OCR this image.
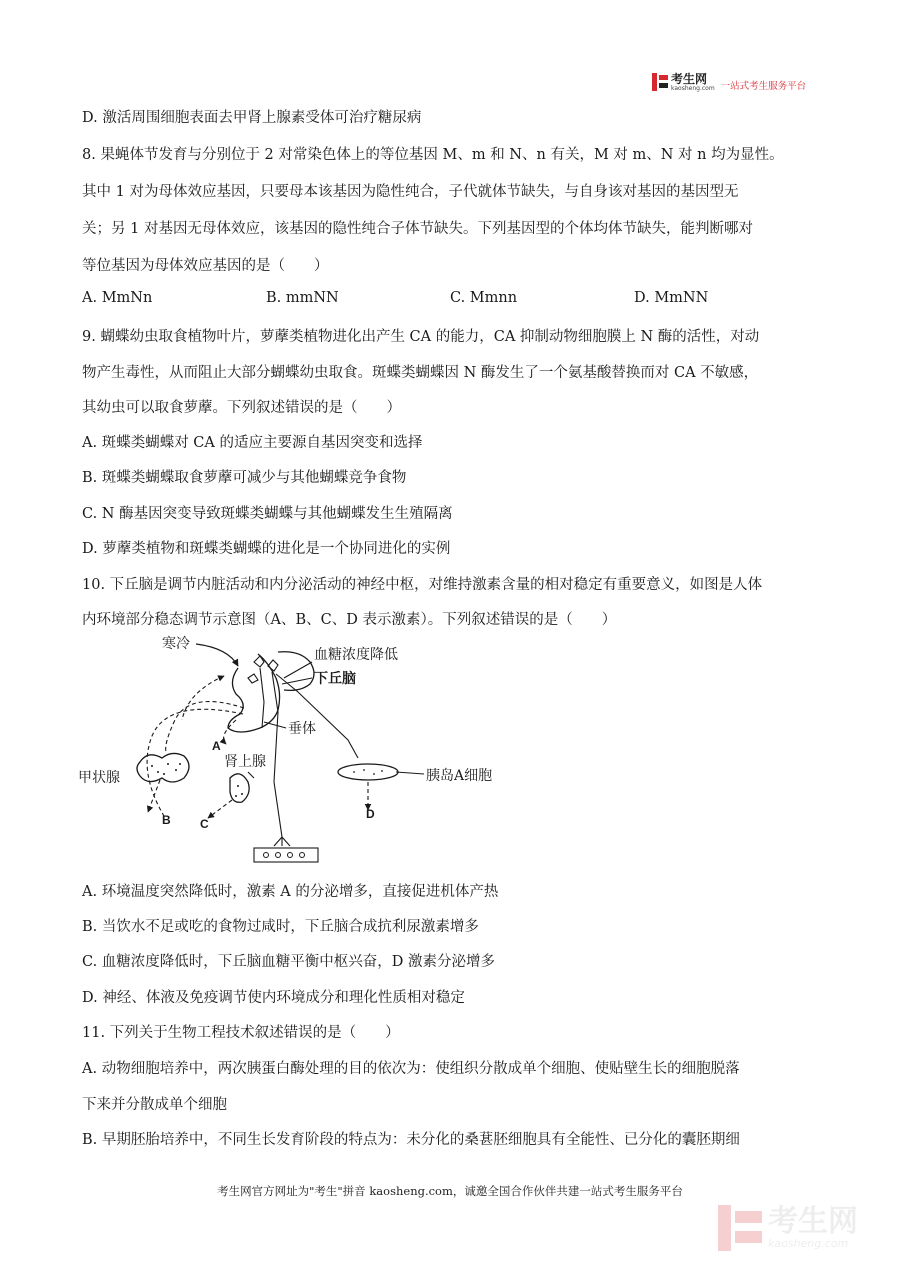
考生网
kaosheng.com 一站式考生服务平台
D. 激活周围细胞表面去甲肾上腺素受体可治疗糖尿病
8. 果蝇体节发育与分别位于 2 对常染色体上的等位基因 M、m 和 N、n 有关，M 对 m、N 对 n 均为显性。
其中 1 对为母体效应基因，只要母本该基因为隐性纯合，子代就体节缺失，与自身该对基因的基因型无
关；另 1 对基因无母体效应，该基因的隐性纯合子体节缺失。下列基因型的个体均体节缺失，能判断哪对
等位基因为母体效应基因的是（　　）
A. MmNn	B. mmNN	C. Mmnn	D. MmNN
9. 蝴蝶幼虫取食植物叶片，萝藦类植物进化出产生 CA 的能力，CA 抑制动物细胞膜上 N 酶的活性，对动
物产生毒性，从而阻止大部分蝴蝶幼虫取食。斑蝶类蝴蝶因 N 酶发生了一个氨基酸替换而对 CA 不敏感，
其幼虫可以取食萝藦。下列叙述错误的是（　　）
A. 斑蝶类蝴蝶对 CA 的适应主要源自基因突变和选择
B. 斑蝶类蝴蝶取食萝藦可减少与其他蝴蝶竞争食物
C. N 酶基因突变导致斑蝶类蝴蝶与其他蝴蝶发生生殖隔离
D. 萝藦类植物和斑蝶类蝴蝶的进化是一个协同进化的实例
10. 下丘脑是调节内脏活动和内分泌活动的神经中枢，对维持激素含量的相对稳定有重要意义，如图是人体
内环境部分稳态调节示意图（A、B、C、D 表示激素）。下列叙述错误的是（　　）
A. 环境温度突然降低时，激素 A 的分泌增多，直接促进机体产热
B. 当饮水不足或吃的食物过咸时，下丘脑合成抗利尿激素增多
C. 血糖浓度降低时，下丘脑血糖平衡中枢兴奋，D 激素分泌增多
D. 神经、体液及免疫调节使内环境成分和理化性质相对稳定
11. 下列关于生物工程技术叙述错误的是（　　）
A. 动物细胞培养中，两次胰蛋白酶处理的目的依次为：使组织分散成单个细胞、使贴壁生长的细胞脱落
下来并分散成单个细胞
B. 早期胚胎培养中，不同生长发育阶段的特点为：未分化的桑葚胚细胞具有全能性、已分化的囊胚期细
寒冷
血糖浓度降低
下丘脑
垂体
甲状腺
肾上腺
胰岛A细胞
A
B C
D
考生网官方网址为"考生"拼音 kaosheng.com，诚邀全国合作伙伴共建一站式考生服务平台
考生网
kaosheng.com
